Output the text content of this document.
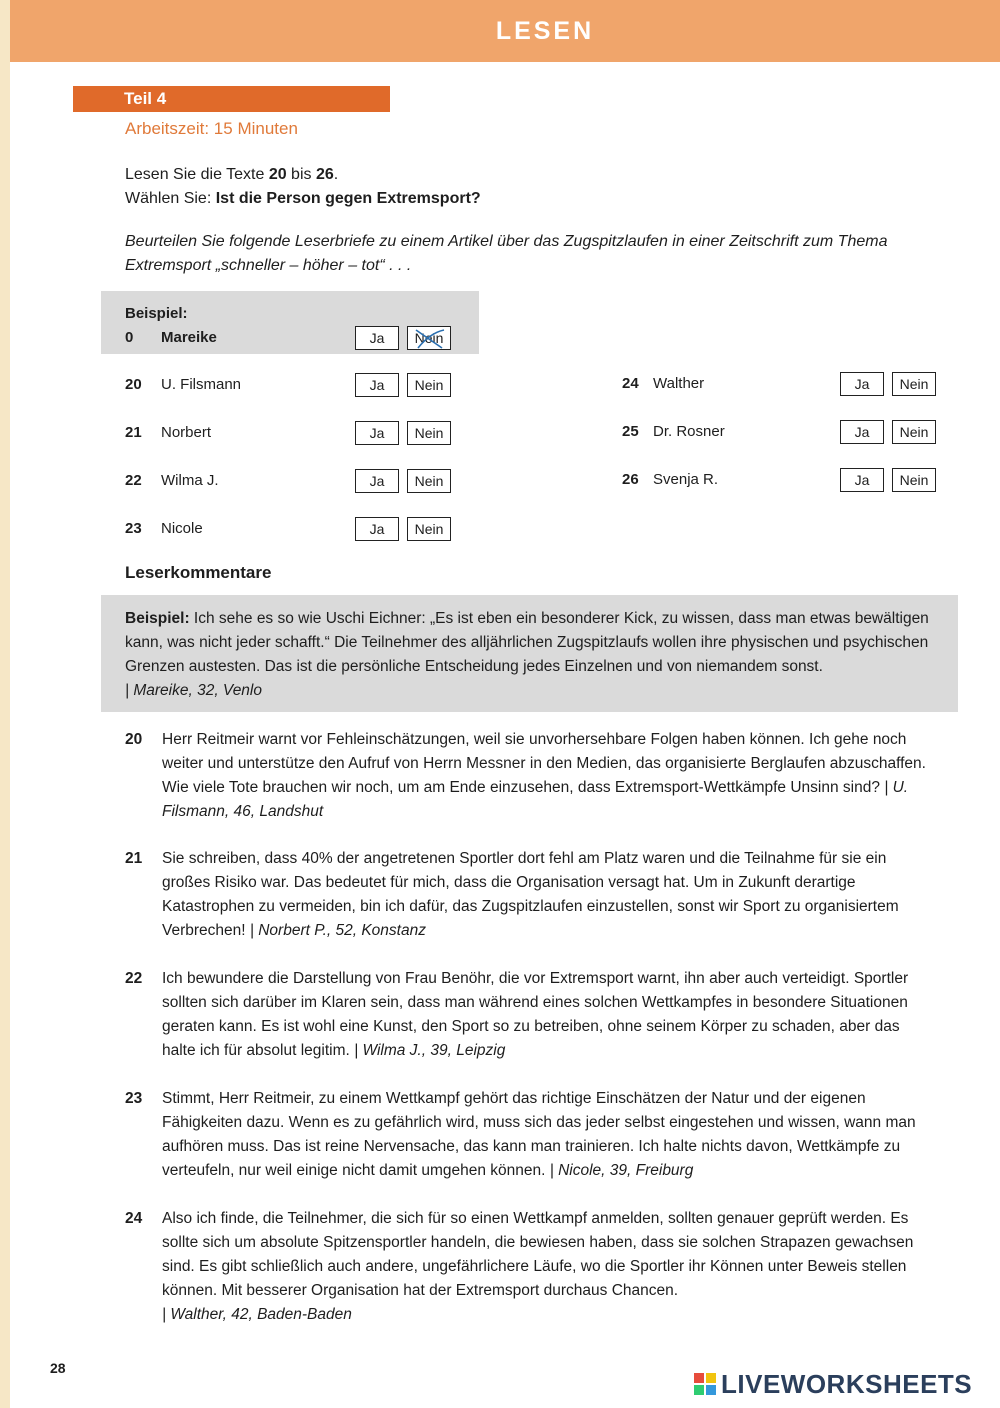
LESEN
Teil 4
Arbeitszeit: 15 Minuten
Lesen Sie die Texte 20 bis 26.
Wählen Sie: Ist die Person gegen Extremsport?
Beurteilen Sie folgende Leserbriefe zu einem Artikel über das Zugspitzlaufen in einer Zeitschrift zum Thema Extremsport „schneller – höher – tot“ . . .
Beispiel:
0 Mareike	Ja	Nein
20 U. Filsmann	Ja	Nein
21 Norbert	Ja	Nein
22 Wilma J.	Ja	Nein
23 Nicole	Ja	Nein
24 Walther	Ja	Nein
25 Dr. Rosner	Ja	Nein
26 Svenja R.	Ja	Nein
Leserkommentare
Beispiel: Ich sehe es so wie Uschi Eichner: „Es ist eben ein besonderer Kick, zu wissen, dass man etwas bewältigen kann, was nicht jeder schafft.“ Die Teilnehmer des alljährlichen Zugspitzlaufs wollen ihre physischen und psychischen Grenzen austesten. Das ist die persönliche Entscheidung jedes Einzelnen und von niemandem sonst.
| Mareike, 32, Venlo
20 Herr Reitmeir warnt vor Fehleinschätzungen, weil sie unvorhersehbare Folgen haben können. Ich gehe noch weiter und unterstütze den Aufruf von Herrn Messner in den Medien, das organisierte Berglaufen abzuschaffen. Wie viele Tote brauchen wir noch, um am Ende einzusehen, dass Extremsport-Wettkämpfe Unsinn sind? | U. Filsmann, 46, Landshut
21 Sie schreiben, dass 40% der angetretenen Sportler dort fehl am Platz waren und die Teilnahme für sie ein großes Risiko war. Das bedeutet für mich, dass die Organisation versagt hat. Um in Zukunft derartige Katastrophen zu vermeiden, bin ich dafür, das Zugspitzlaufen einzustellen, sonst wir Sport zu organisiertem Verbrechen! | Norbert P., 52, Konstanz
22 Ich bewundere die Darstellung von Frau Benöhr, die vor Extremsport warnt, ihn aber auch verteidigt. Sportler sollten sich darüber im Klaren sein, dass man während eines solchen Wettkampfes in besondere Situationen geraten kann. Es ist wohl eine Kunst, den Sport so zu betreiben, ohne seinem Körper zu schaden, aber das halte ich für absolut legitim. | Wilma J., 39, Leipzig
23 Stimmt, Herr Reitmeir, zu einem Wettkampf gehört das richtige Einschätzen der Natur und der eigenen Fähigkeiten dazu. Wenn es zu gefährlich wird, muss sich das jeder selbst eingestehen und wissen, wann man aufhören muss. Das ist reine Nervensache, das kann man trainieren. Ich halte nichts davon, Wettkämpfe zu verteufeln, nur weil einige nicht damit umgehen können. | Nicole, 39, Freiburg
24 Also ich finde, die Teilnehmer, die sich für so einen Wettkampf anmelden, sollten genauer geprüft werden. Es sollte sich um absolute Spitzensportler handeln, die bewiesen haben, dass sie solchen Strapazen gewachsen sind. Es gibt schließlich auch andere, ungefährlichere Läufe, wo die Sportler ihr Können unter Beweis stellen können. Mit besserer Organisation hat der Extremsport durchaus Chancen.
| Walther, 42, Baden-Baden
28
LIVEWORKSHEETS
